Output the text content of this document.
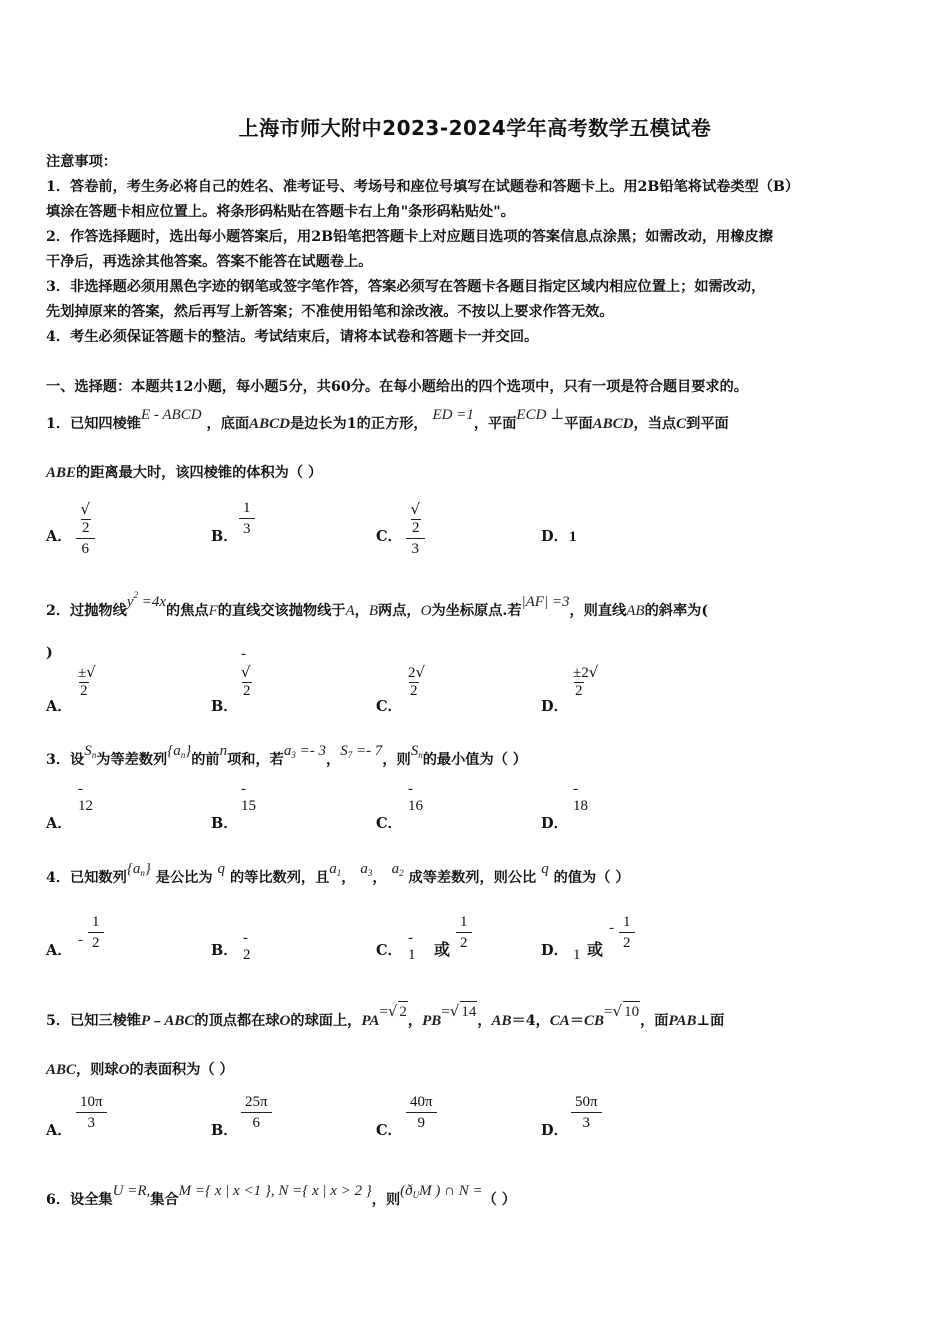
上海市师大附中2023-2024学年高考数学五模试卷
注意事项：
1．答卷前，考生务必将自己的姓名、准考证号、考场号和座位号填写在试题卷和答题卡上。用2B铅笔将试卷类型（B）
填涂在答题卡相应位置上。将条形码粘贴在答题卡右上角"条形码粘贴处"。
2．作答选择题时，选出每小题答案后，用2B铅笔把答题卡上对应题目选项的答案信息点涂黑；如需改动，用橡皮擦
干净后，再选涂其他答案。答案不能答在试题卷上。
3．非选择题必须用黑色字迹的钢笔或签字笔作答，答案必须写在答题卡各题目指定区域内相应位置上；如需改动，
先划掉原来的答案，然后再写上新答案；不准使用铅笔和涂改液。不按以上要求作答无效。
4．考生必须保证答题卡的整洁。考试结束后，请将本试卷和答题卡一并交回。
一、选择题：本题共12小题，每小题5分，共60分。在每小题给出的四个选项中，只有一项是符合题目要求的。
1．已知四棱锥E - ABCD ，底面ABCD是边长为1的正方形， ED =1，平面ECD ⊥平面ABCD，当点C到平面
ABE的距离最大时，该四棱锥的体积为（ ）
A． $\frac{√2}{6}$	B． $\frac{1}{3}$	C． $\frac{√2}{3}$	D． 1
2．过抛物线$y^2 =4x$的焦点F的直线交该抛物线于A，B两点，O为坐标原点.若|AF| =3，则直线AB的斜率为(
)
A．
±√2
B．
- √2
C．
2√2
D．
±2√2
3．设$S_n$为等差数列$\{a_n\}$的前n项和，若$a_3 =- 3$，$S_7 =- 7$，则$S_n$的最小值为（ ）
A．
- 12
B．
- 15
C．
- 16
D．
- 18
4．已知数列$\{a_n\}$ 是公比为 q 的等比数列，且$a_1$， $a_3$， $a_2$ 成等差数列，则公比 q 的值为（ ）
A．
- $\frac{1}{2}$	B．
- 2	C．
- 1 或 $\frac{1}{2}$	D． 1 或
- $\frac{1}{2}$
5．已知三棱锥P﹣ABC的顶点都在球O的球面上，PA=√ 2，PB=√ 14，AB＝4，CA＝CB=√ 10，面PAB⊥面
ABC，则球O的表面积为（ ）
A． $\frac{10\pi}{3}$	B． $\frac{25\pi}{6}$	C． $\frac{40\pi}{9}$	D． $\frac{50\pi}{3}$
6．设全集U =R,集合M ={ x | x <1 }, N ={ x | x > 2 }，则($ð_UM$ ) ∩ N =（ ）
